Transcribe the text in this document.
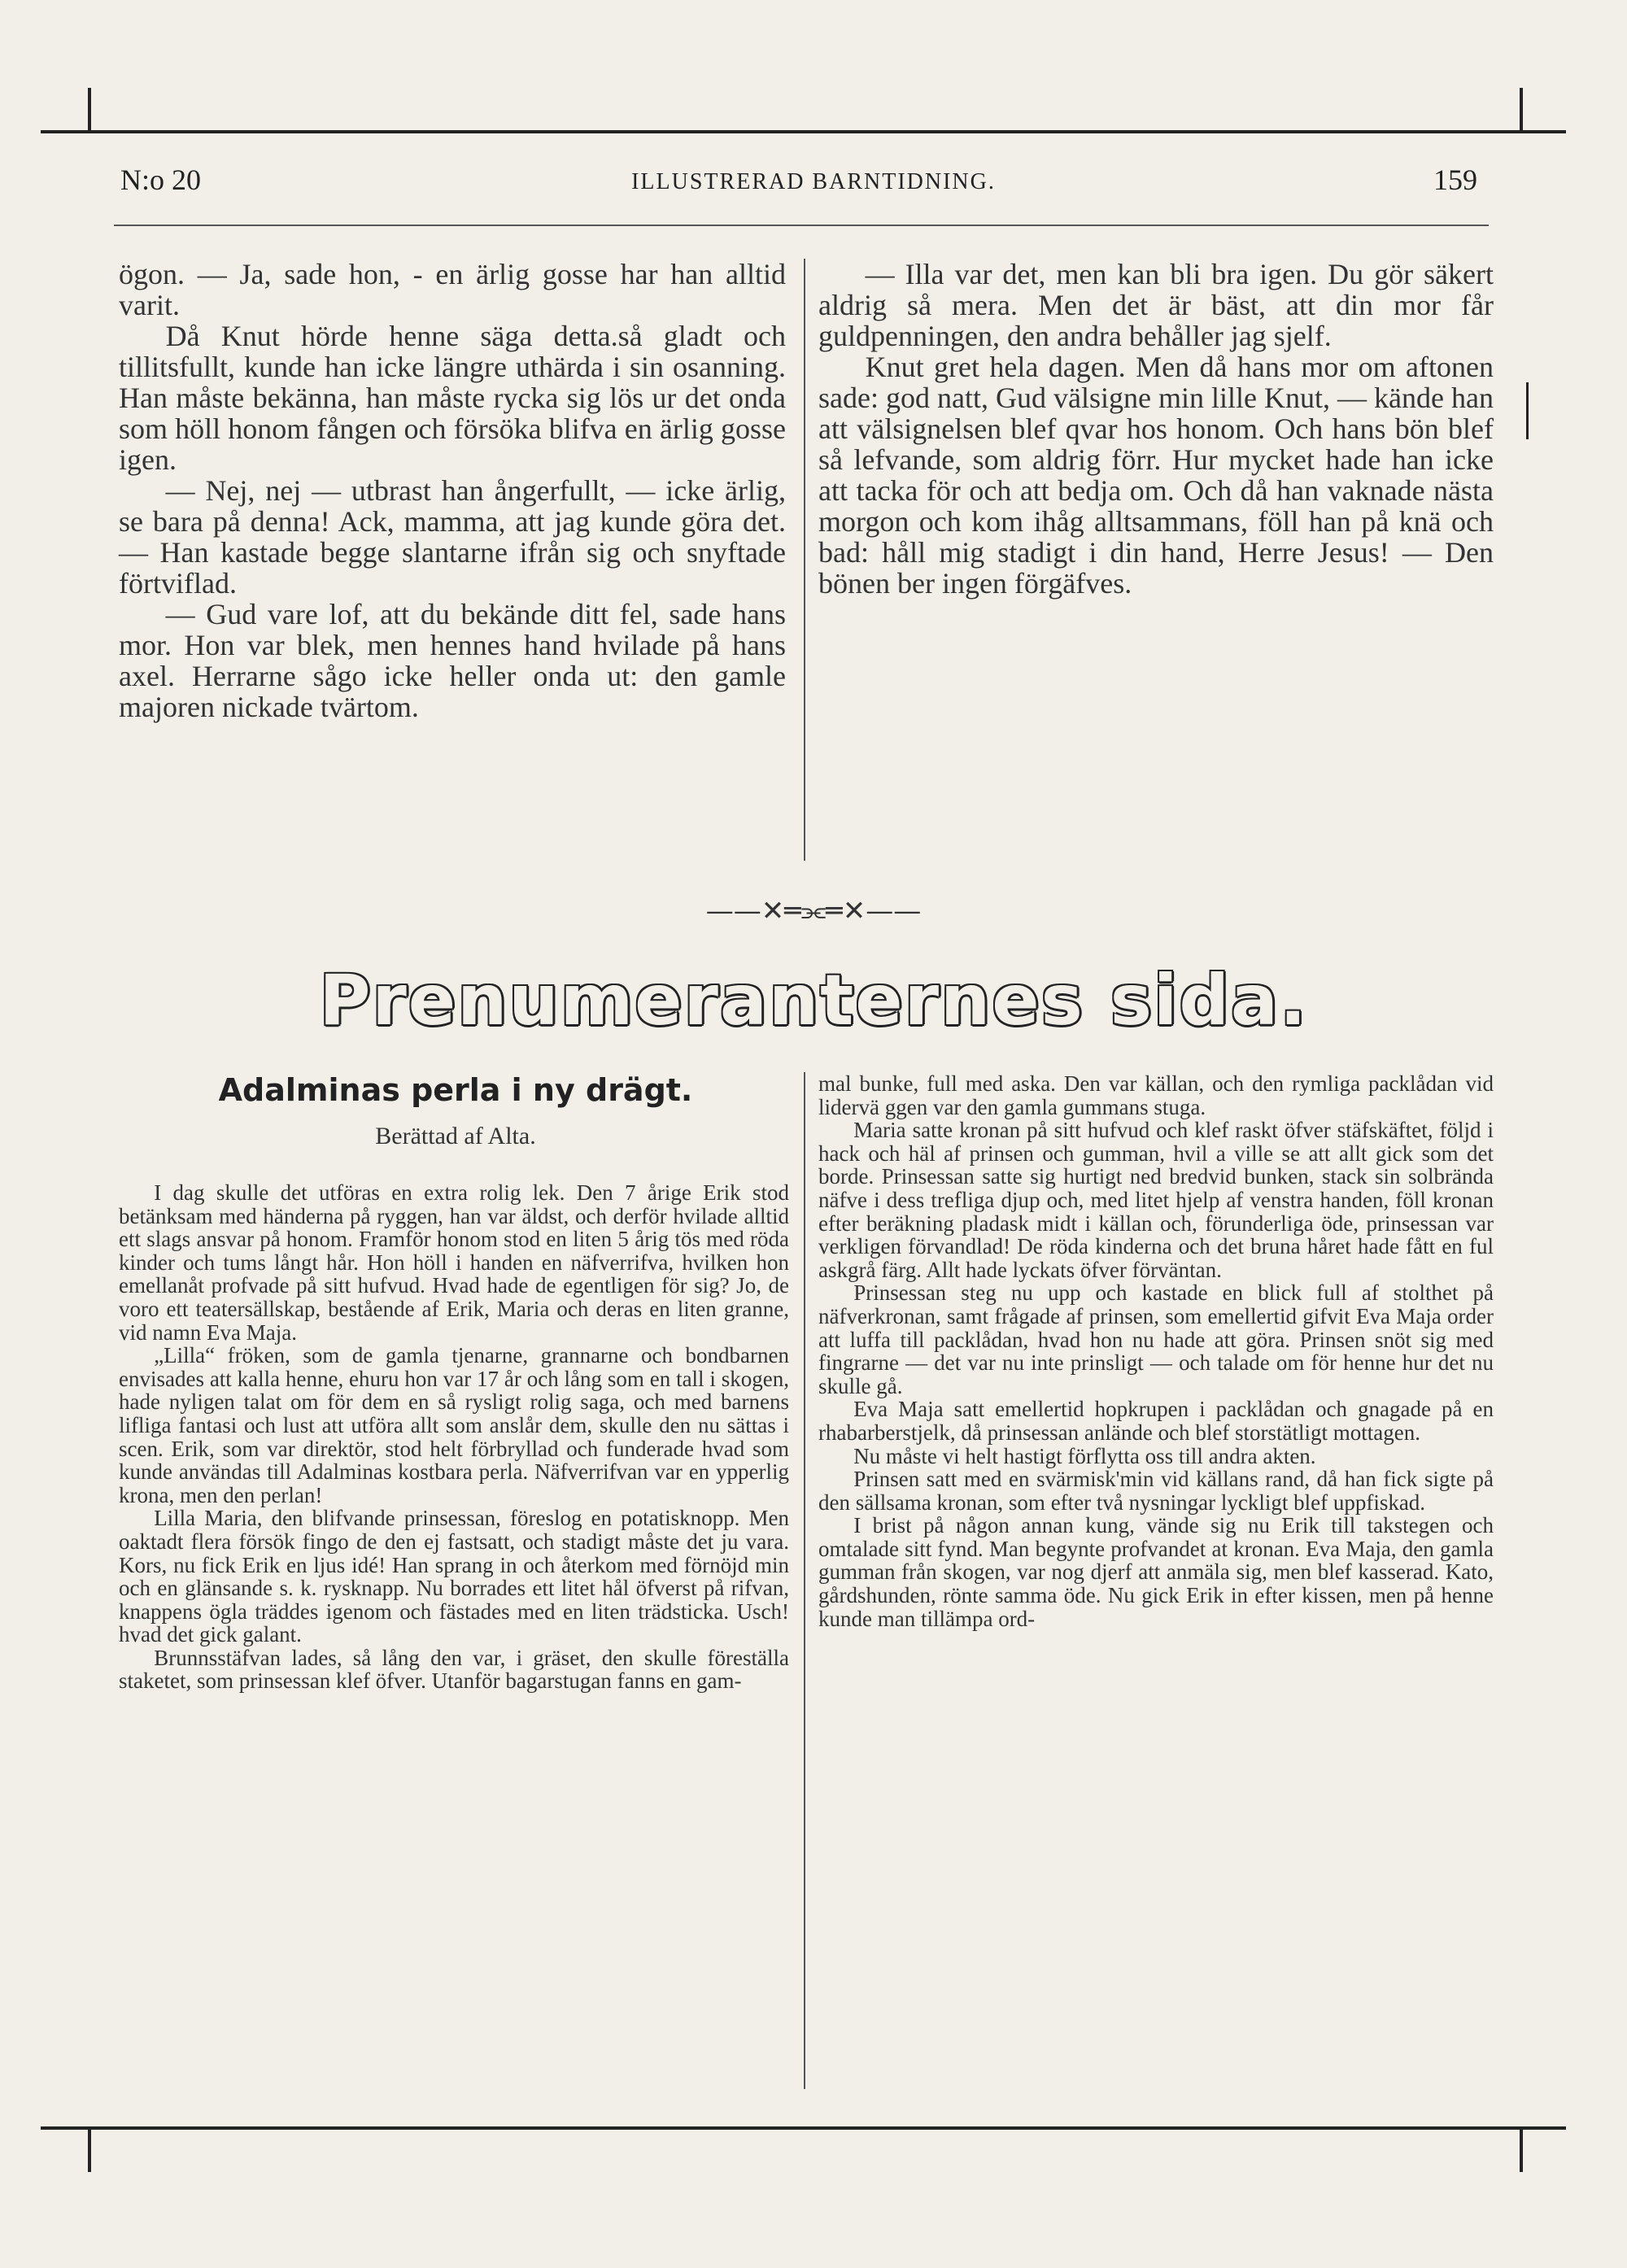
N:o 20	ILLUSTRERAD BARNTIDNING.	159

ögon. — Ja, sade hon, - en ärlig gosse har han alltid varit.

Då Knut hörde henne säga detta.så gladt och tillitsfullt, kunde han icke längre uthärda i sin osanning. Han måste bekänna, han måste rycka sig lös ur det onda som höll honom fången och försöka blifva en ärlig gosse igen.

— Nej, nej — utbrast han ångerfullt, — icke ärlig, se bara på denna! Ack, mamma, att jag kunde göra det. — Han kastade begge slantarne ifrån sig och snyftade förtviflad.

— Gud vare lof, att du bekände ditt fel, sade hans mor. Hon var blek, men hennes hand hvilade på hans axel. Herrarne sågo icke heller onda ut: den gamle majoren nickade tvärtom.

— Illa var det, men kan bli bra igen. Du gör säkert aldrig så mera. Men det är bäst, att din mor får guldpenningen, den andra behåller jag sjelf.

Knut gret hela dagen. Men då hans mor om aftonen sade: god natt, Gud välsigne min lille Knut, — kände han att välsignelsen blef qvar hos honom. Och hans bön blef så lefvande, som aldrig förr. Hur mycket hade han icke att tacka för och att bedja om. Och då han vaknade nästa morgon och kom ihåg alltsammans, föll han på knä och bad: håll mig stadigt i din hand, Herre Jesus! — Den bönen ber ingen förgäfves.

——✕═⫘═✕——
Prenumeranternes sida.
Adalminas perla i ny drägt.
Berättad af Alta.

I dag skulle det utföras en extra rolig lek. Den 7 årige Erik stod betänksam med händerna på ryggen, han var äldst, och derför hvilade alltid ett slags ansvar på honom. Framför honom stod en liten 5 årig tös med röda kinder och tums långt hår. Hon höll i handen en näfverrifva, hvilken hon emellanåt profvade på sitt hufvud. Hvad hade de egentligen för sig? Jo, de voro ett teatersällskap, bestående af Erik, Maria och deras en liten granne, vid namn Eva Maja.

„Lilla“ fröken, som de gamla tjenarne, grannarne och bondbarnen envisades att kalla henne, ehuru hon var 17 år och lång som en tall i skogen, hade nyligen talat om för dem en så rysligt rolig saga, och med barnens lifliga fantasi och lust att utföra allt som anslår dem, skulle den nu sättas i scen. Erik, som var direktör, stod helt förbryllad och funderade hvad som kunde användas till Adalminas kostbara perla. Näfverrifvan var en ypperlig krona, men den perlan!

Lilla Maria, den blifvande prinsessan, föreslog en potatisknopp. Men oaktadt flera försök fingo de den ej fastsatt, och stadigt måste det ju vara. Kors, nu fick Erik en ljus idé! Han sprang in och återkom med förnöjd min och en glänsande s. k. rysknapp. Nu borrades ett litet hål öfverst på rifvan, knappens ögla träddes igenom och fästades med en liten trädsticka. Usch! hvad det gick galant.

Brunnsstäfvan lades, så lång den var, i gräset, den skulle föreställa staketet, som prinsessan klef öfver. Utanför bagarstugan fanns en gam-

mal bunke, full med aska. Den var källan, och den rymliga packlådan vid lidervä ggen var den gamla gummans stuga.

Maria satte kronan på sitt hufvud och klef raskt öfver stäfskäftet, följd i hack och häl af prinsen och gumman, hvil a ville se att allt gick som det borde. Prinsessan satte sig hurtigt ned bredvid bunken, stack sin solbrända näfve i dess trefliga djup och, med litet hjelp af venstra handen, föll kronan efter beräkning pladask midt i källan och, förunderliga öde, prinsessan var verkligen förvandlad! De röda kinderna och det bruna håret hade fått en ful askgrå färg. Allt hade lyckats öfver förväntan.

Prinsessan steg nu upp och kastade en blick full af stolthet på näfverkronan, samt frågade af prinsen, som emellertid gifvit Eva Maja order att luffa till packlådan, hvad hon nu hade att göra. Prinsen snöt sig med fingrarne — det var nu inte prinsligt — och talade om för henne hur det nu skulle gå.

Eva Maja satt emellertid hopkrupen i packlådan och gnagade på en rhabarberstjelk, då prinsessan anlände och blef storstätligt mottagen.

Nu måste vi helt hastigt förflytta oss till andra akten.

Prinsen satt med en svärmisk'min vid källans rand, då han fick sigte på den sällsama kronan, som efter två nysningar lyckligt blef uppfiskad.

I brist på någon annan kung, vände sig nu Erik till takstegen och omtalade sitt fynd. Man begynte profvandet at kronan. Eva Maja, den gamla gumman från skogen, var nog djerf att anmäla sig, men blef kasserad. Kato, gårdshunden, rönte samma öde. Nu gick Erik in efter kissen, men på henne kunde man tillämpa ord-
